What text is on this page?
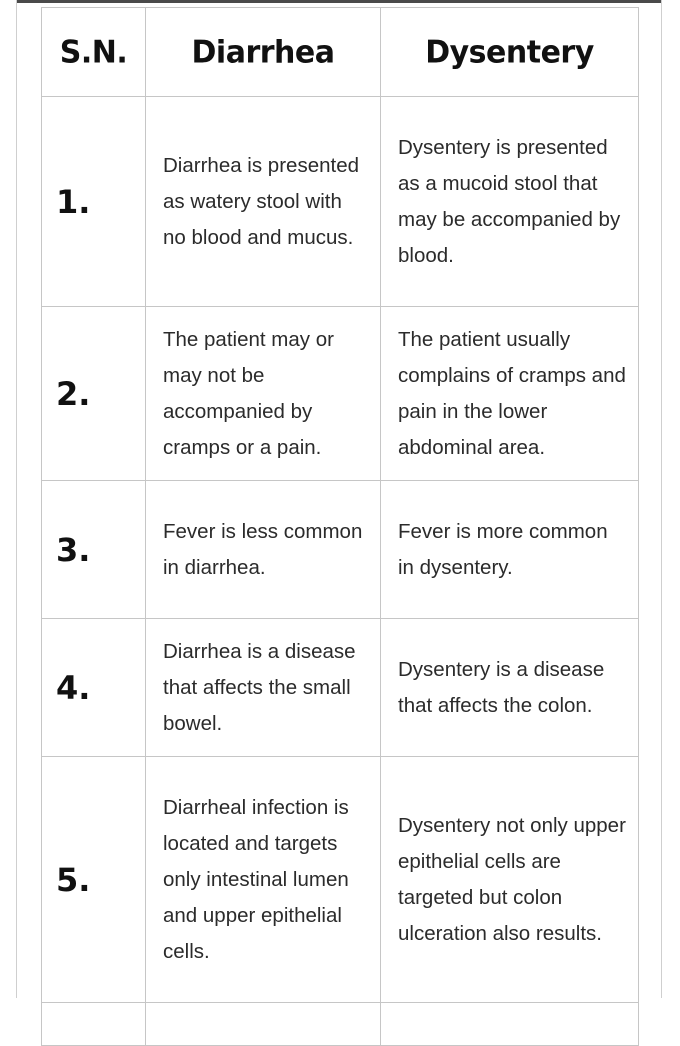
S.N.	Diarrhea	Dysentery
1.	Diarrhea is presented as watery stool with no blood and mucus.	Dysentery is presented as a mucoid stool that may be accompanied by blood.
2.	The patient may or may not be accompanied by cramps or a pain.	The patient usually complains of cramps and pain in the lower abdominal area.
3.	Fever is less common in diarrhea.	Fever is more common in dysentery.
4.	Diarrhea is a disease that affects the small bowel.	Dysentery is a disease that affects the colon.
5.	Diarrheal infection is located and targets only intestinal lumen and upper epithelial cells.	Dysentery not only upper epithelial cells are targeted but colon ulceration also results.
